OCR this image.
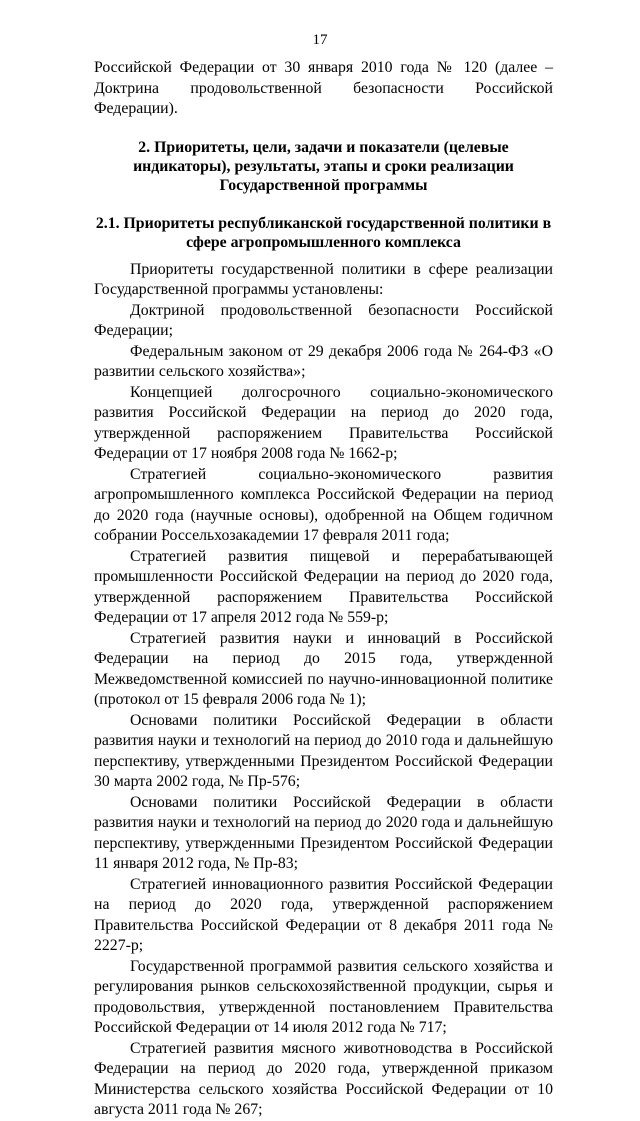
17

Российской Федерации от 30 января 2010 года № 120 (далее – Доктрина продовольственной безопасности Российской Федерации).

2. Приоритеты, цели, задачи и показатели (целевые индикаторы), результаты, этапы и сроки реализации Государственной программы

2.1. Приоритеты республиканской государственной политики в сфере агропромышленного комплекса

Приоритеты государственной политики в сфере реализации Государственной программы установлены:

Доктриной продовольственной безопасности Российской Федерации;

Федеральным законом от 29 декабря 2006 года № 264-ФЗ «О развитии сельского хозяйства»;

Концепцией долгосрочного социально-экономического развития Российской Федерации на период до 2020 года, утвержденной распоряжением Правительства Российской Федерации от 17 ноября 2008 года № 1662-р;

Стратегией социально-экономического развития агропромышленного комплекса Российской Федерации на период до 2020 года (научные основы), одобренной на Общем годичном собрании Россельхозакадемии 17 февраля 2011 года;

Стратегией развития пищевой и перерабатывающей промышленности Российской Федерации на период до 2020 года, утвержденной распоряжением Правительства Российской Федерации от 17 апреля 2012 года № 559-р;

Стратегией развития науки и инноваций в Российской Федерации на период до 2015 года, утвержденной Межведомственной комиссией по научно-инновационной политике (протокол от 15 февраля 2006 года № 1);

Основами политики Российской Федерации в области развития науки и технологий на период до 2010 года и дальнейшую перспективу, утвержденными Президентом Российской Федерации 30 марта 2002 года, № Пр-576;

Основами политики Российской Федерации в области развития науки и технологий на период до 2020 года и дальнейшую перспективу, утвержденными Президентом Российской Федерации 11 января 2012 года, № Пр-83;

Стратегией инновационного развития Российской Федерации на период до 2020 года, утвержденной распоряжением Правительства Российской Федерации от 8 декабря 2011 года № 2227-р;

Государственной программой развития сельского хозяйства и регулирования рынков сельскохозяйственной продукции, сырья и продовольствия, утвержденной постановлением Правительства Российской Федерации от 14 июля 2012 года № 717;

Стратегией развития мясного животноводства в Российской Федерации на период до 2020 года, утвержденной приказом Министерства сельского хозяйства Российской Федерации от 10 августа 2011 года № 267;
